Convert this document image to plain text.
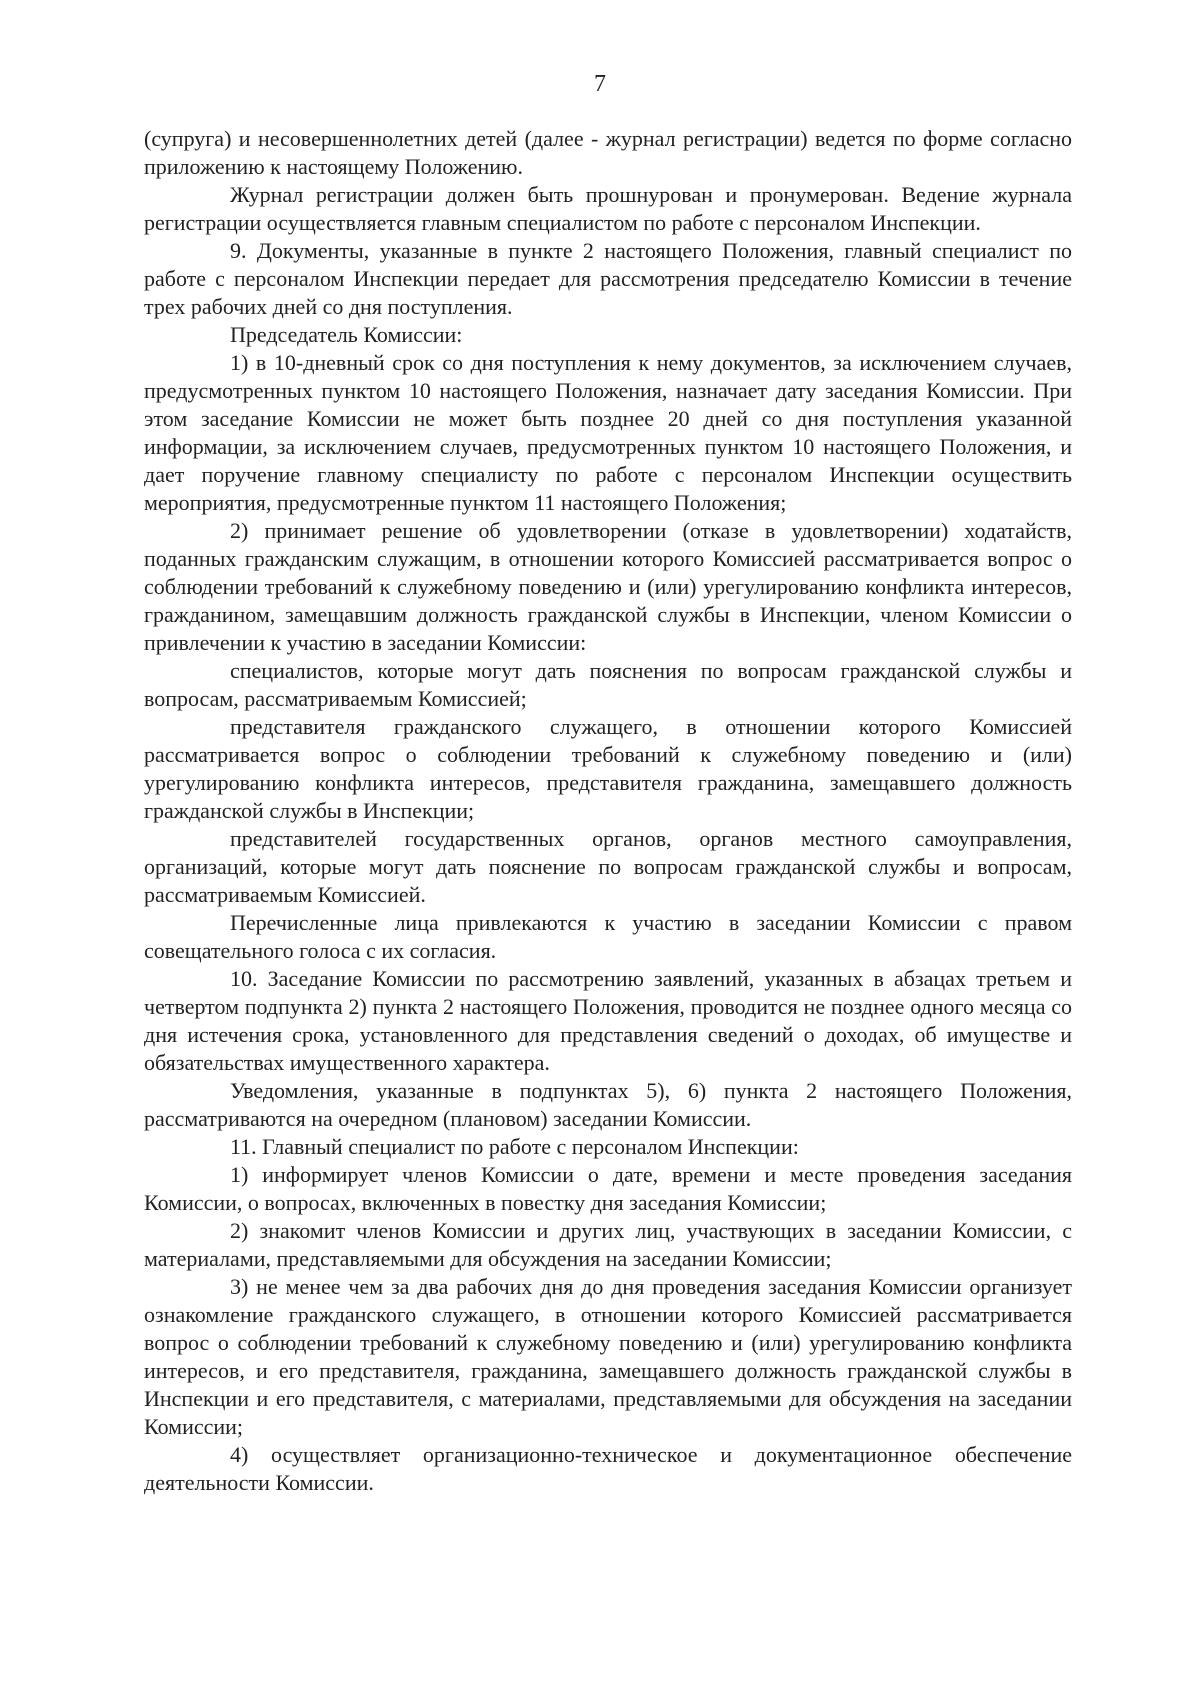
7

(супруга) и несовершеннолетних детей (далее - журнал регистрации) ведется по форме согласно приложению к настоящему Положению.

Журнал регистрации должен быть прошнурован и пронумерован. Ведение журнала регистрации осуществляется главным специалистом по работе с персоналом Инспекции.

9. Документы, указанные в пункте 2 настоящего Положения, главный специалист по работе с персоналом Инспекции передает для рассмотрения председателю Комиссии в течение трех рабочих дней со дня поступления.

Председатель Комиссии:

1) в 10-дневный срок со дня поступления к нему документов, за исключением случаев, предусмотренных пунктом 10 настоящего Положения, назначает дату заседания Комиссии. При этом заседание Комиссии не может быть позднее 20 дней со дня поступления указанной информации, за исключением случаев, предусмотренных пунктом 10 настоящего Положения, и дает поручение главному специалисту по работе с персоналом Инспекции осуществить мероприятия, предусмотренные пунктом 11 настоящего Положения;

2) принимает решение об удовлетворении (отказе в удовлетворении) ходатайств, поданных гражданским служащим, в отношении которого Комиссией рассматривается вопрос о соблюдении требований к служебному поведению и (или) урегулированию конфликта интересов, гражданином, замещавшим должность гражданской службы в Инспекции, членом Комиссии о привлечении к участию в заседании Комиссии:

специалистов, которые могут дать пояснения по вопросам гражданской службы и вопросам, рассматриваемым Комиссией;

представителя гражданского служащего, в отношении которого Комиссией рассматривается вопрос о соблюдении требований к служебному поведению и (или) урегулированию конфликта интересов, представителя гражданина, замещавшего должность гражданской службы в Инспекции;

представителей государственных органов, органов местного самоуправления, организаций, которые могут дать пояснение по вопросам гражданской службы и вопросам, рассматриваемым Комиссией.

Перечисленные лица привлекаются к участию в заседании Комиссии с правом совещательного голоса с их согласия.

10. Заседание Комиссии по рассмотрению заявлений, указанных в абзацах третьем и четвертом подпункта 2) пункта 2 настоящего Положения, проводится не позднее одного месяца со дня истечения срока, установленного для представления сведений о доходах, об имуществе и обязательствах имущественного характера.

Уведомления, указанные в подпунктах 5), 6) пункта 2 настоящего Положения, рассматриваются на очередном (плановом) заседании Комиссии.

11. Главный специалист по работе с персоналом Инспекции:

1) информирует членов Комиссии о дате, времени и месте проведения заседания Комиссии, о вопросах, включенных в повестку дня заседания Комиссии;

2) знакомит членов Комиссии и других лиц, участвующих в заседании Комиссии, с материалами, представляемыми для обсуждения на заседании Комиссии;

3) не менее чем за два рабочих дня до дня проведения заседания Комиссии организует ознакомление гражданского служащего, в отношении которого Комиссией рассматривается вопрос о соблюдении требований к служебному поведению и (или) урегулированию конфликта интересов, и его представителя, гражданина, замещавшего должность гражданской службы в Инспекции и его представителя, с материалами, представляемыми для обсуждения на заседании Комиссии;

4) осуществляет организационно-техническое и документационное обеспечение деятельности Комиссии.
